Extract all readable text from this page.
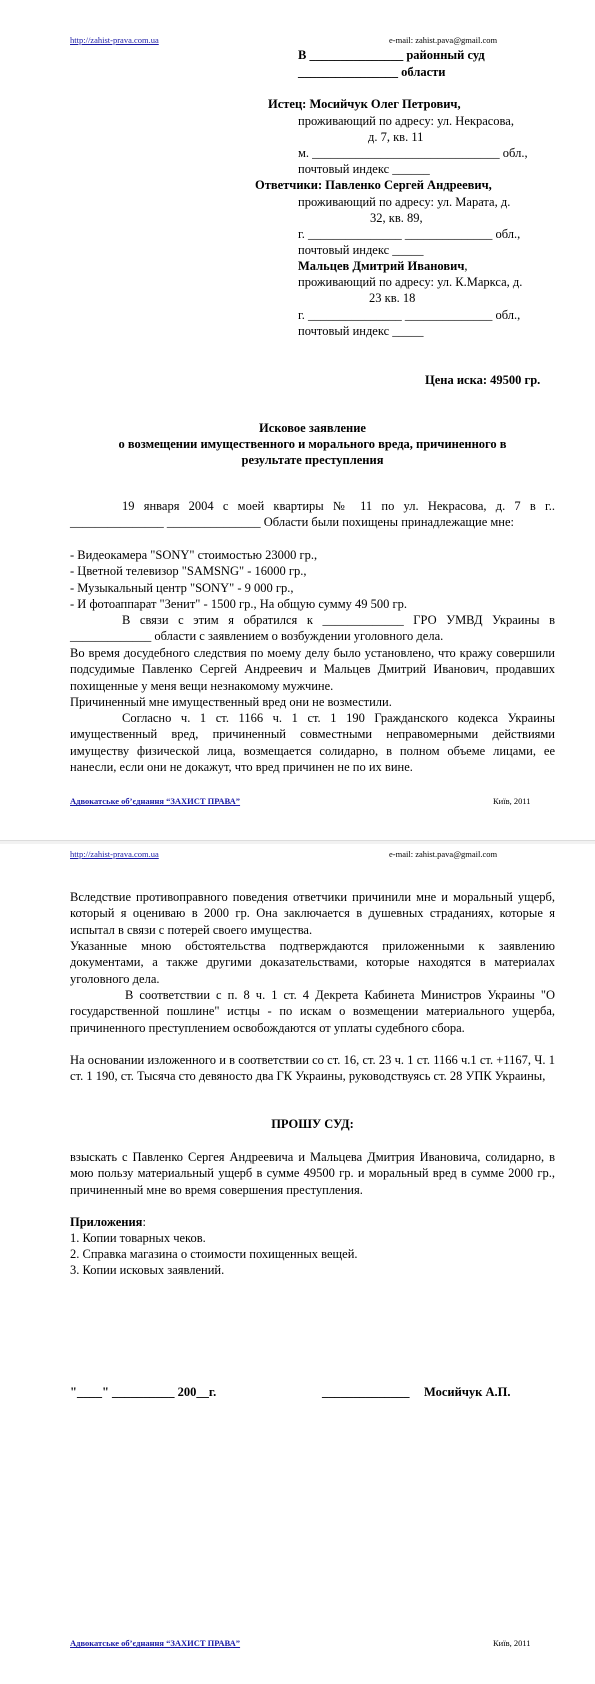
http://zahist-prava.com.ua	e-mail: zahist.pava@gmail.com
В _______________ районный суд
________________ области
Истец: Мосийчук Олег Петрович,
проживающий по адресу: ул. Некрасова,
д. 7, кв. 11
м. ______________________________ обл.,
почтовый индекс ______
Ответчики: Павленко Сергей Андреевич,
проживающий по адресу: ул. Марата, д.
32, кв. 89,
г. _______________ ______________ обл.,
почтовый индекс _____
Мальцев Дмитрий Иванович,
проживающий по адресу: ул. К.Маркса, д.
23 кв. 18
г. _______________ ______________ обл.,
почтовый индекс _____
Цена иска: 49500 гр.
Исковое заявление
о возмещении имущественного и морального вреда, причиненного в
результате преступления
19 января 2004 с моей квартиры № 11 по ул. Некрасова, д. 7 в г.. _______________ _______________ Области были похищены принадлежащие мне:
- Видеокамера "SONY" стоимостью 23000 гр.,
- Цветной телевизор "SAMSNG" - 16000 гр.,
- Музыкальный центр "SONY" - 9 000 гр.,
- И фотоаппарат "Зенит" - 1500 гр., На общую сумму 49 500 гр.
В связи с этим я обратился к _____________ ГРО УМВД Украины в _____________ области с заявлением о возбуждении уголовного дела.
Во время досудебного следствия по моему делу было установлено, что кражу совершили подсудимые Павленко Сергей Андреевич и Мальцев Дмитрий Иванович, продавших похищенные у меня вещи незнакомому мужчине.
Причиненный мне имущественный вред они не возместили.
Согласно ч. 1 ст. 1166 ч. 1 ст. 1 190 Гражданского кодекса Украины имущественный вред, причиненный совместными неправомерными действиями имуществу физической лица, возмещается солидарно, в полном объеме лицами, ее нанесли, если они не докажут, что вред причинен не по их вине.
Адвокатське об’єднання “ЗАХИСТ ПРАВА”	Київ, 2011
http://zahist-prava.com.ua	e-mail: zahist.pava@gmail.com
Вследствие противоправного поведения ответчики причинили мне и моральный ущерб, который я оцениваю в 2000 гр. Она заключается в душевных страданиях, которые я испытал в связи с потерей своего имущества.
Указанные мною обстоятельства подтверждаются приложенными к заявлению документами, а также другими доказательствами, которые находятся в материалах уголовного дела.
В соответствии с п. 8 ч. 1 ст. 4 Декрета Кабинета Министров Украины "О государственной пошлине" истцы - по искам о возмещении материального ущерба, причиненного преступлением освобождаются от уплаты судебного сбора.
На основании изложенного и в соответствии со ст. 16, ст. 23 ч. 1 ст. 1166 ч.1 ст. +1167, Ч. 1 ст. 1 190, ст. Тысяча сто девяносто два ГК Украины, руководствуясь ст. 28 УПК Украины,
ПРОШУ СУД:
взыскать с Павленко Сергея Андреевича и Мальцева Дмитрия Ивановича, солидарно, в мою пользу материальный ущерб в сумме 49500 гр. и моральный вред в сумме 2000 гр., причиненный мне во время совершения преступления.
Приложения:
1. Копии товарных чеков.
2. Справка магазина о стоимости похищенных вещей.
3. Копии исковых заявлений.
"____" __________ 200__г.	______________ Мосийчук А.П.
Адвокатське об’єднання “ЗАХИСТ ПРАВА”	Київ, 2011
